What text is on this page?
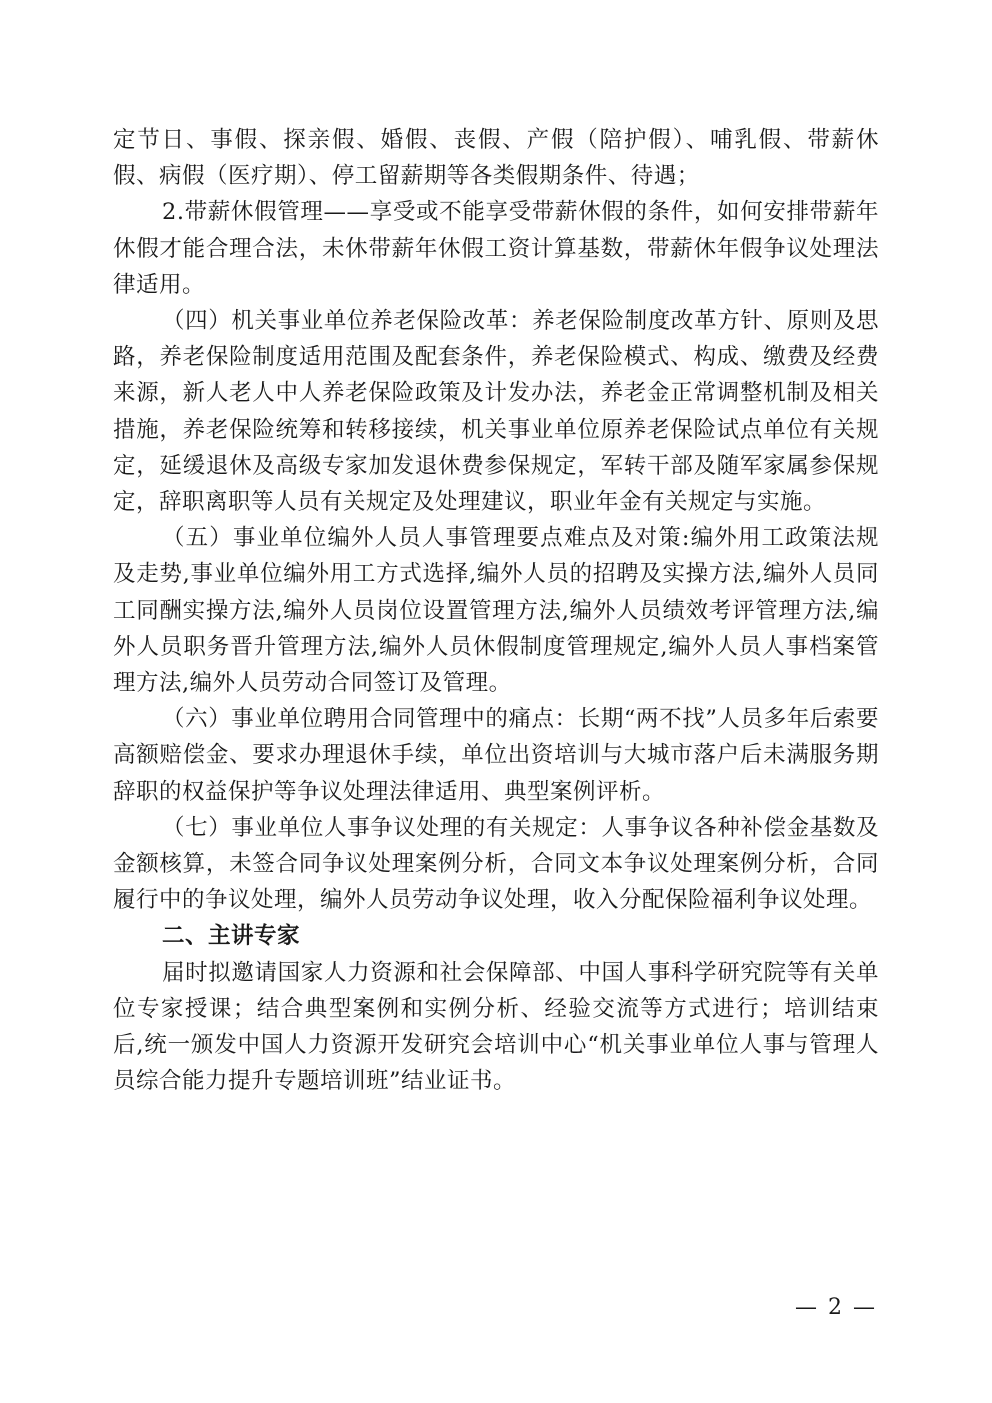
定节日、事假、探亲假、婚假、丧假、产假（陪护假）、哺乳假、带薪休假、病假（医疗期）、停工留薪期等各类假期条件、待遇；

2.带薪休假管理——享受或不能享受带薪休假的条件，如何安排带薪年休假才能合理合法，未休带薪年休假工资计算基数，带薪休年假争议处理法律适用。

（四）机关事业单位养老保险改革：养老保险制度改革方针、原则及思路，养老保险制度适用范围及配套条件，养老保险模式、构成、缴费及经费来源，新人老人中人养老保险政策及计发办法，养老金正常调整机制及相关措施，养老保险统筹和转移接续，机关事业单位原养老保险试点单位有关规定，延缓退休及高级专家加发退休费参保规定，军转干部及随军家属参保规定，辞职离职等人员有关规定及处理建议，职业年金有关规定与实施。

（五）事业单位编外人员人事管理要点难点及对策:编外用工政策法规及走势,事业单位编外用工方式选择,编外人员的招聘及实操方法,编外人员同工同酬实操方法,编外人员岗位设置管理方法,编外人员绩效考评管理方法,编外人员职务晋升管理方法,编外人员休假制度管理规定,编外人员人事档案管理方法,编外人员劳动合同签订及管理。

（六）事业单位聘用合同管理中的痛点：长期“两不找”人员多年后索要高额赔偿金、要求办理退休手续，单位出资培训与大城市落户后未满服务期辞职的权益保护等争议处理法律适用、典型案例评析。

（七）事业单位人事争议处理的有关规定：人事争议各种补偿金基数及金额核算，未签合同争议处理案例分析，合同文本争议处理案例分析，合同履行中的争议处理，编外人员劳动争议处理，收入分配保险福利争议处理。

二、主讲专家

届时拟邀请国家人力资源和社会保障部、中国人事科学研究院等有关单位专家授课；结合典型案例和实例分析、经验交流等方式进行；培训结束后,统一颁发中国人力资源开发研究会培训中心“机关事业单位人事与管理人员综合能力提升专题培训班”结业证书。

— 2 —
